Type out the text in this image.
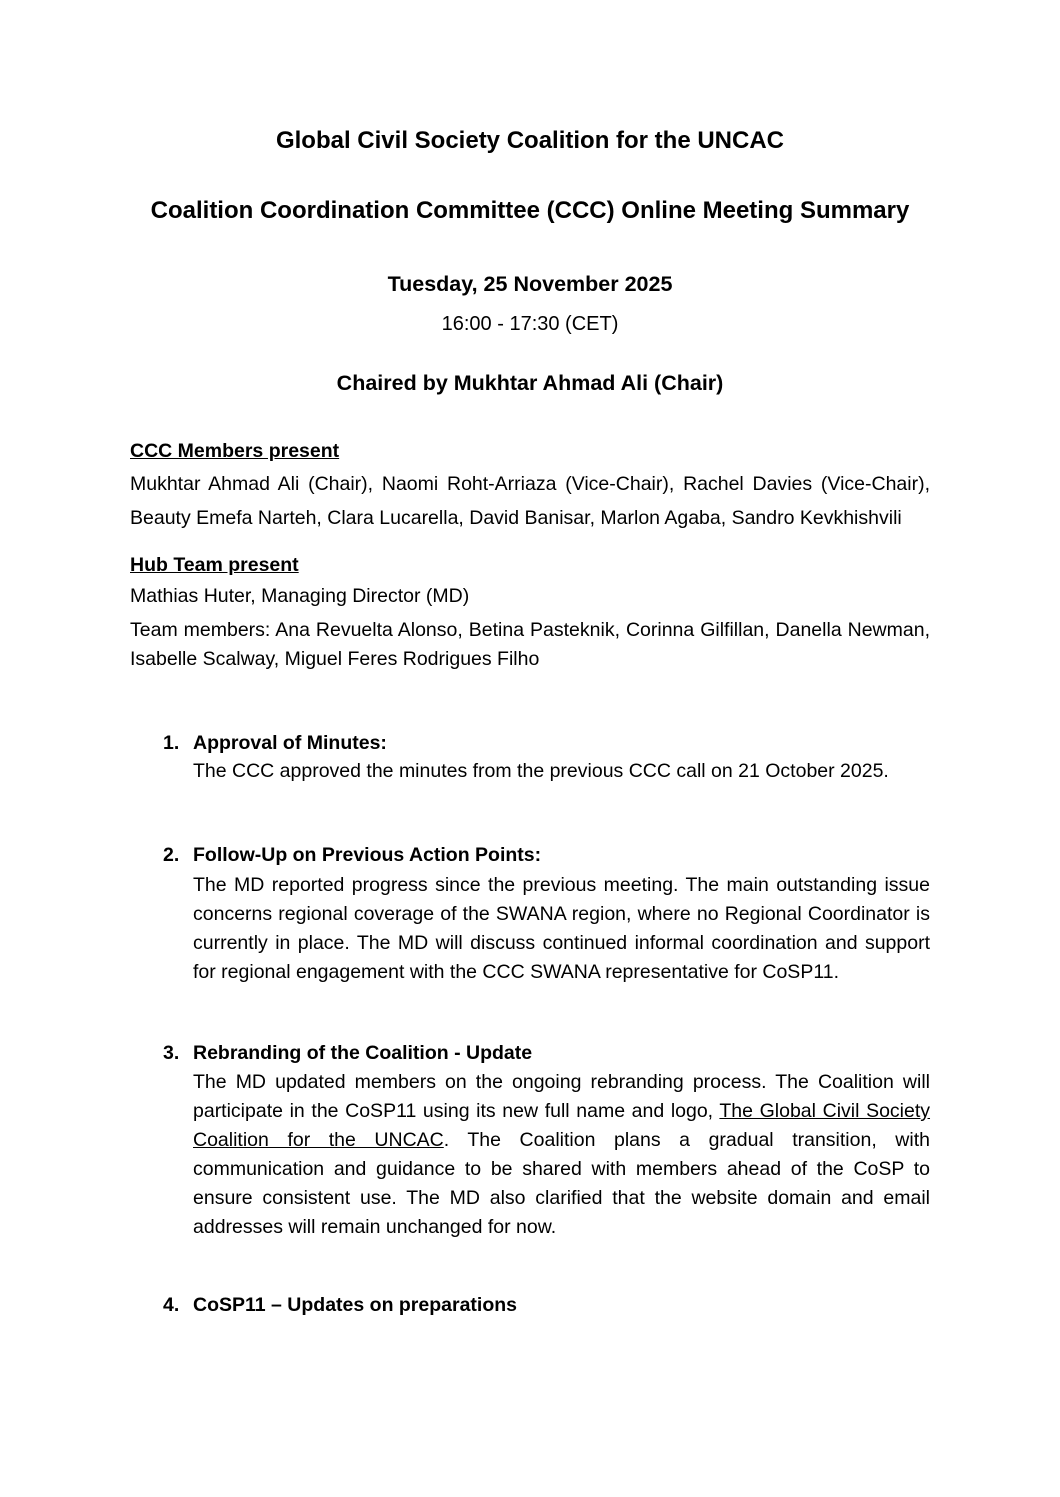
Global Civil Society Coalition for the UNCAC
Coalition Coordination Committee (CCC) Online Meeting Summary
Tuesday, 25 November 2025
16:00 - 17:30 (CET)
Chaired by Mukhtar Ahmad Ali (Chair)
CCC Members present
Mukhtar Ahmad Ali (Chair), Naomi Roht-Arriaza (Vice-Chair), Rachel Davies (Vice-Chair), Beauty Emefa Narteh, Clara Lucarella, David Banisar, Marlon Agaba, Sandro Kevkhishvili
Hub Team present
Mathias Huter, Managing Director (MD)
Team members: Ana Revuelta Alonso, Betina Pasteknik, Corinna Gilfillan, Danella Newman, Isabelle Scalway, Miguel Feres Rodrigues Filho
1. Approval of Minutes:
The CCC approved the minutes from the previous CCC call on 21 October 2025.
2. Follow-Up on Previous Action Points:
The MD reported progress since the previous meeting. The main outstanding issue concerns regional coverage of the SWANA region, where no Regional Coordinator is currently in place. The MD will discuss continued informal coordination and support for regional engagement with the CCC SWANA representative for CoSP11.
3. Rebranding of the Coalition - Update
The MD updated members on the ongoing rebranding process. The Coalition will participate in the CoSP11 using its new full name and logo, The Global Civil Society Coalition for the UNCAC. The Coalition plans a gradual transition, with communication and guidance to be shared with members ahead of the CoSP to ensure consistent use. The MD also clarified that the website domain and email addresses will remain unchanged for now.
4. CoSP11 – Updates on preparations
